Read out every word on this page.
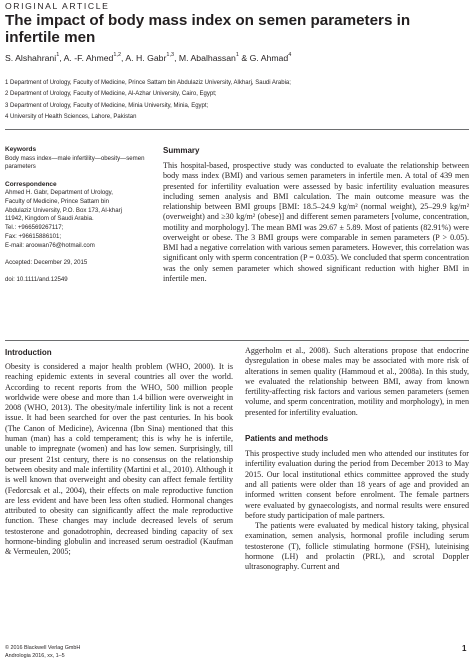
ORIGINAL ARTICLE
The impact of body mass index on semen parameters in infertile men
S. Alshahrani$^1$, A. -F. Ahmed$^{1,2}$, A. H. Gabr$^{1,3}$, M. Abalhassan$^1$ & G. Ahmad$^4$
1 Department of Urology, Faculty of Medicine, Prince Sattam bin Abdulaziz University, Alkharj, Saudi Arabia;
2 Department of Urology, Faculty of Medicine, Al-Azhar University, Cairo, Egypt;
3 Department of Urology, Faculty of Medicine, Minia University, Minia, Egypt;
4 University of Health Sciences, Lahore, Pakistan
Keywords
Body mass index—male infertility—obesity—semen parameters
Correspondence
Ahmed H. Gabr, Department of Urology,
Faculty of Medicine, Prince Sattam bin
Abdulaziz University, P.O. Box 173, Al-kharj
11942, Kingdom of Saudi Arabia.
Tel.: +966569267117;
Fax: +96615886101;
E-mail: aroowan76@hotmail.com
Accepted: December 29, 2015
doi: 10.1111/and.12549
Summary
This hospital-based, prospective study was conducted to evaluate the relationship between body mass index (BMI) and various semen parameters in infertile men. A total of 439 men presented for infertility evaluation were assessed by basic infertility evaluation measures including semen analysis and BMI calculation. The main outcome measure was the relationship between BMI groups [BMI: 18.5–24.9 kg/m² (normal weight), 25–29.9 kg/m² (overweight) and ≥30 kg/m² (obese)] and different semen parameters [volume, concentration, motility and morphology]. The mean BMI was 29.67 ± 5.89. Most of patients (82.91%) were overweight or obese. The 3 BMI groups were comparable in semen parameters (P > 0.05). BMI had a negative correlation with various semen parameters. However, this correlation was significant only with sperm concentration (P = 0.035). We concluded that sperm concentration was the only semen parameter which showed significant reduction with higher BMI in infertile men.
Introduction

Obesity is considered a major health problem (WHO, 2000). It is reaching epidemic extents in several countries all over the world. According to recent reports from the WHO, 500 million people worldwide were obese and more than 1.4 billion were overweight in 2008 (WHO, 2013). The obesity/male infertility link is not a recent issue. It had been searched for over the past centuries. In his book (The Canon of Medicine), Avicenna (Ibn Sina) mentioned that this human (man) has a cold temperament; this is why he is infertile, unable to impregnate (women) and has low semen. Surprisingly, till our present 21st century, there is no consensus on the relationship between obesity and male infertility (Martini et al., 2010). Although it is well known that overweight and obesity can affect female fertility (Fedorcsak et al., 2004), their effects on male reproductive function are less evident and have been less often studied. Hormonal changes attributed to obesity can significantly affect the male reproductive function. These changes may include decreased levels of serum testosterone and gonadotrophin, decreased binding capacity of sex hormone-binding globulin and increased serum oestradiol (Kaufman & Vermeulen, 2005;

Aggerholm et al., 2008). Such alterations propose that endocrine dysregulation in obese males may be associated with more risk of alterations in semen quality (Hammoud et al., 2008a). In this study, we evaluated the relationship between BMI, away from known fertility-affecting risk factors and various semen parameters (semen volume, and sperm concentration, motility and morphology), in men presented for infertility evaluation.

Patients and methods

This prospective study included men who attended our institutes for infertility evaluation during the period from December 2013 to May 2015. Our local institutional ethics committee approved the study and all patients were older than 18 years of age and provided an informed written consent before enrolment. The female partners were evaluated by gynaecologists, and normal results were ensured before study participation of male partners.

The patients were evaluated by medical history taking, physical examination, semen analysis, hormonal profile including serum testosterone (T), follicle stimulating hormone (FSH), luteinising hormone (LH) and prolactin (PRL), and scrotal Doppler ultrasonography. Current and

© 2016 Blackwell Verlag GmbH
Andrologia 2016, xx, 1–5
1
